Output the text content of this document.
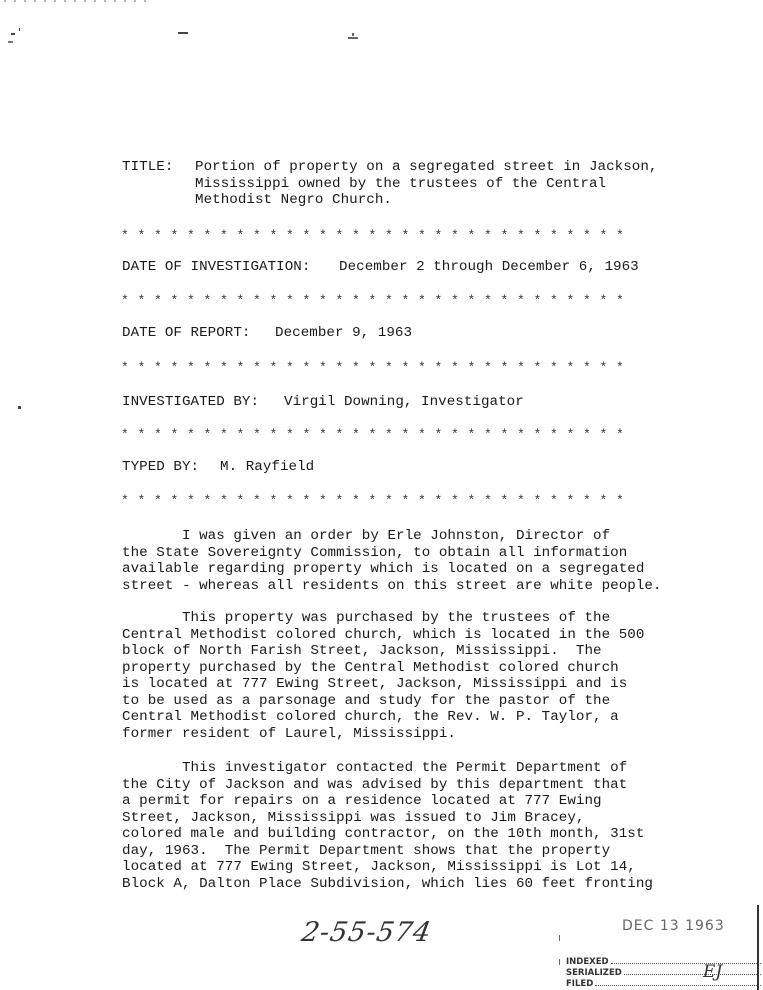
TITLE: Portion of property on a segregated street in Jackson,
Mississippi owned by the trustees of the Central
Methodist Negro Church.
*******************************
DATE OF INVESTIGATION: December 2 through December 6, 1963
*******************************
DATE OF REPORT: December 9, 1963
*******************************
INVESTIGATED BY: Virgil Downing, Investigator
*******************************
TYPED BY: M. Rayfield
*******************************
I was given an order by Erle Johnston, Director of
the State Sovereignty Commission, to obtain all information
available regarding property which is located on a segregated
street - whereas all residents on this street are white people.
This property was purchased by the trustees of the
Central Methodist colored church, which is located in the 500
block of North Farish Street, Jackson, Mississippi.  The
property purchased by the Central Methodist colored church
is located at 777 Ewing Street, Jackson, Mississippi and is
to be used as a parsonage and study for the pastor of the
Central Methodist colored church, the Rev. W. P. Taylor, a
former resident of Laurel, Mississippi.
This investigator contacted the Permit Department of
the City of Jackson and was advised by this department that
a permit for repairs on a residence located at 777 Ewing
Street, Jackson, Mississippi was issued to Jim Bracey,
colored male and building contractor, on the 10th month, 31st
day, 1963.  The Permit Department shows that the property
located at 777 Ewing Street, Jackson, Mississippi is Lot 14,
Block A, Dalton Place Subdivision, which lies 60 feet fronting
2-55-574	DEC 13 1963
INDEXED
SERIALIZED
FILED
EJ
